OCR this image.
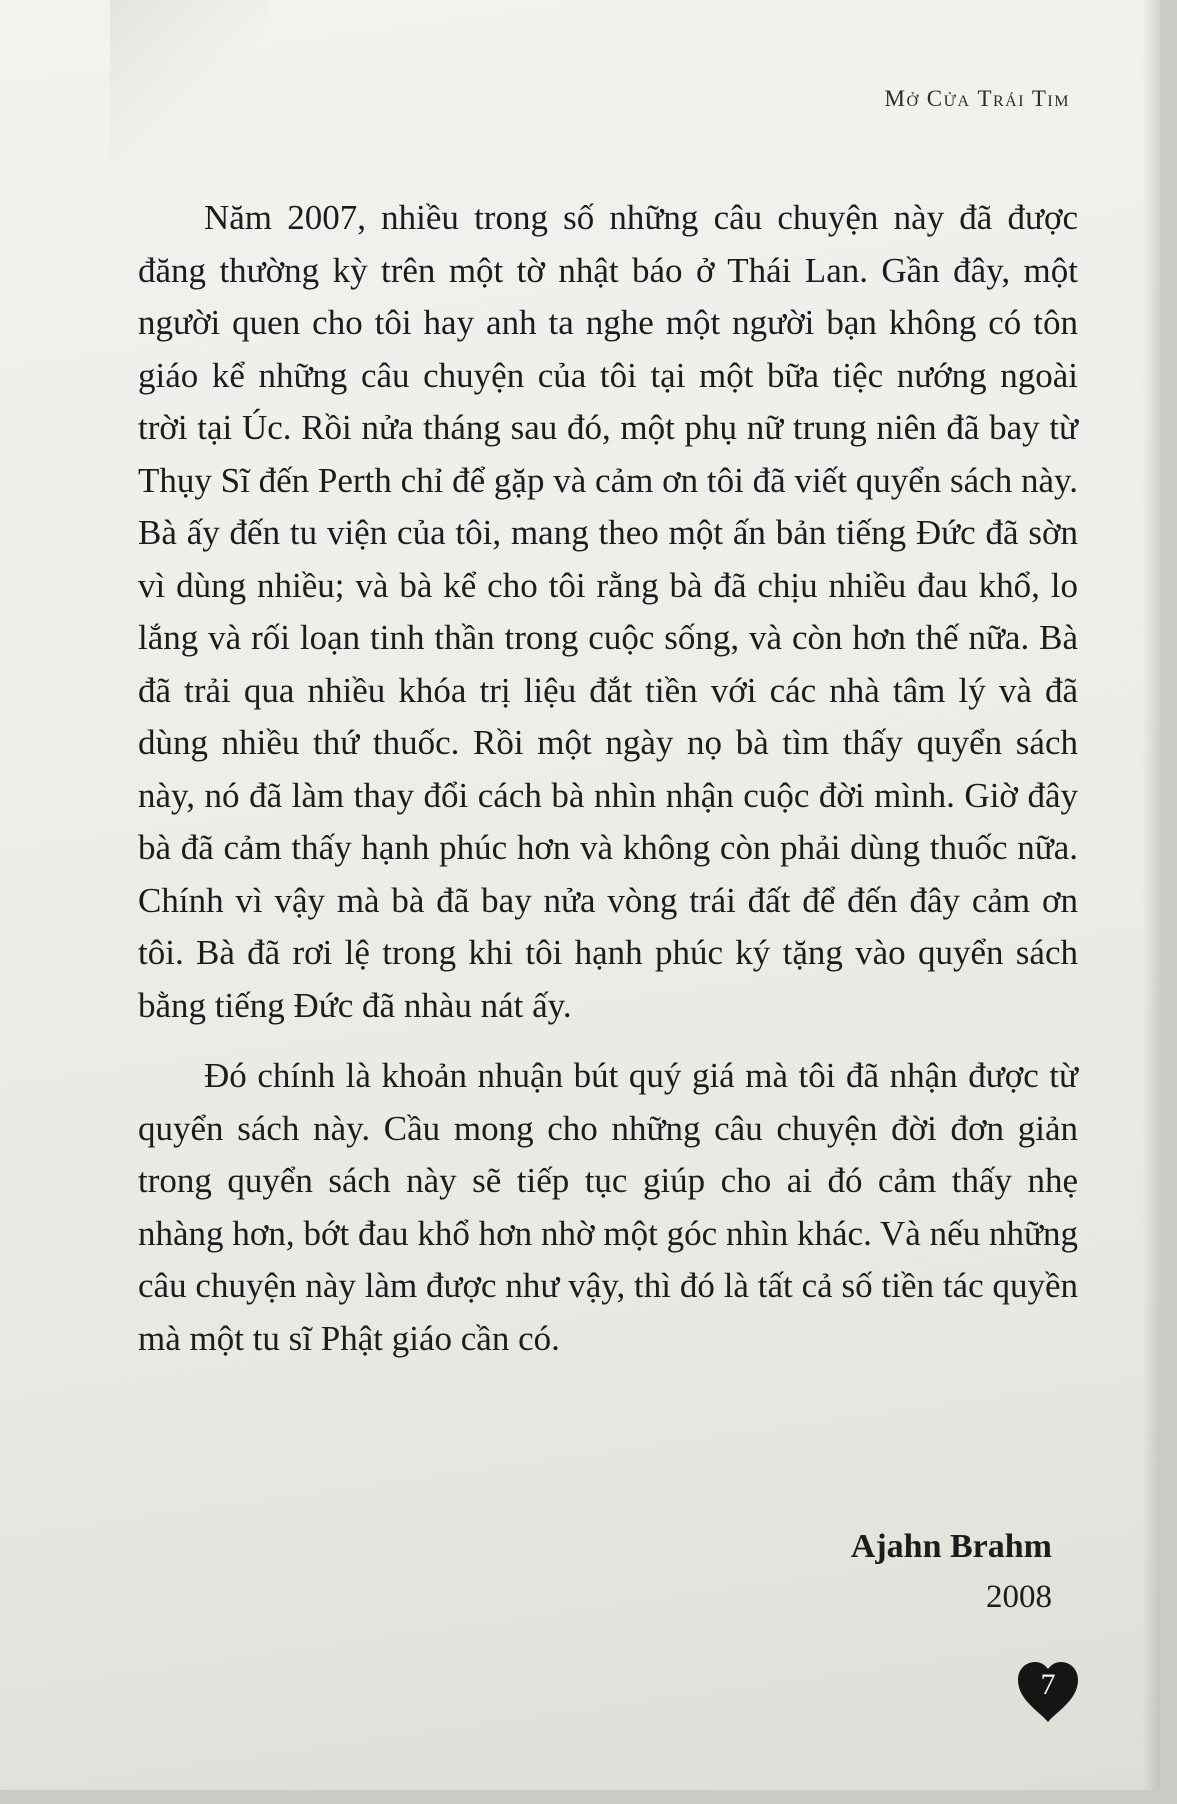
Mở Cửa Trái Tim

Năm 2007, nhiều trong số những câu chuyện này đã được đăng thường kỳ trên một tờ nhật báo ở Thái Lan. Gần đây, một người quen cho tôi hay anh ta nghe một người bạn không có tôn giáo kể những câu chuyện của tôi tại một bữa tiệc nướng ngoài trời tại Úc. Rồi nửa tháng sau đó, một phụ nữ trung niên đã bay từ Thụy Sĩ đến Perth chỉ để gặp và cảm ơn tôi đã viết quyển sách này. Bà ấy đến tu viện của tôi, mang theo một ấn bản tiếng Đức đã sờn vì dùng nhiều; và bà kể cho tôi rằng bà đã chịu nhiều đau khổ, lo lắng và rối loạn tinh thần trong cuộc sống, và còn hơn thế nữa. Bà đã trải qua nhiều khóa trị liệu đắt tiền với các nhà tâm lý và đã dùng nhiều thứ thuốc. Rồi một ngày nọ bà tìm thấy quyển sách này, nó đã làm thay đổi cách bà nhìn nhận cuộc đời mình. Giờ đây bà đã cảm thấy hạnh phúc hơn và không còn phải dùng thuốc nữa. Chính vì vậy mà bà đã bay nửa vòng trái đất để đến đây cảm ơn tôi. Bà đã rơi lệ trong khi tôi hạnh phúc ký tặng vào quyển sách bằng tiếng Đức đã nhàu nát ấy.

Đó chính là khoản nhuận bút quý giá mà tôi đã nhận được từ quyển sách này. Cầu mong cho những câu chuyện đời đơn giản trong quyển sách này sẽ tiếp tục giúp cho ai đó cảm thấy nhẹ nhàng hơn, bớt đau khổ hơn nhờ một góc nhìn khác. Và nếu những câu chuyện này làm được như vậy, thì đó là tất cả số tiền tác quyền mà một tu sĩ Phật giáo cần có.

Ajahn Brahm
2008
7
